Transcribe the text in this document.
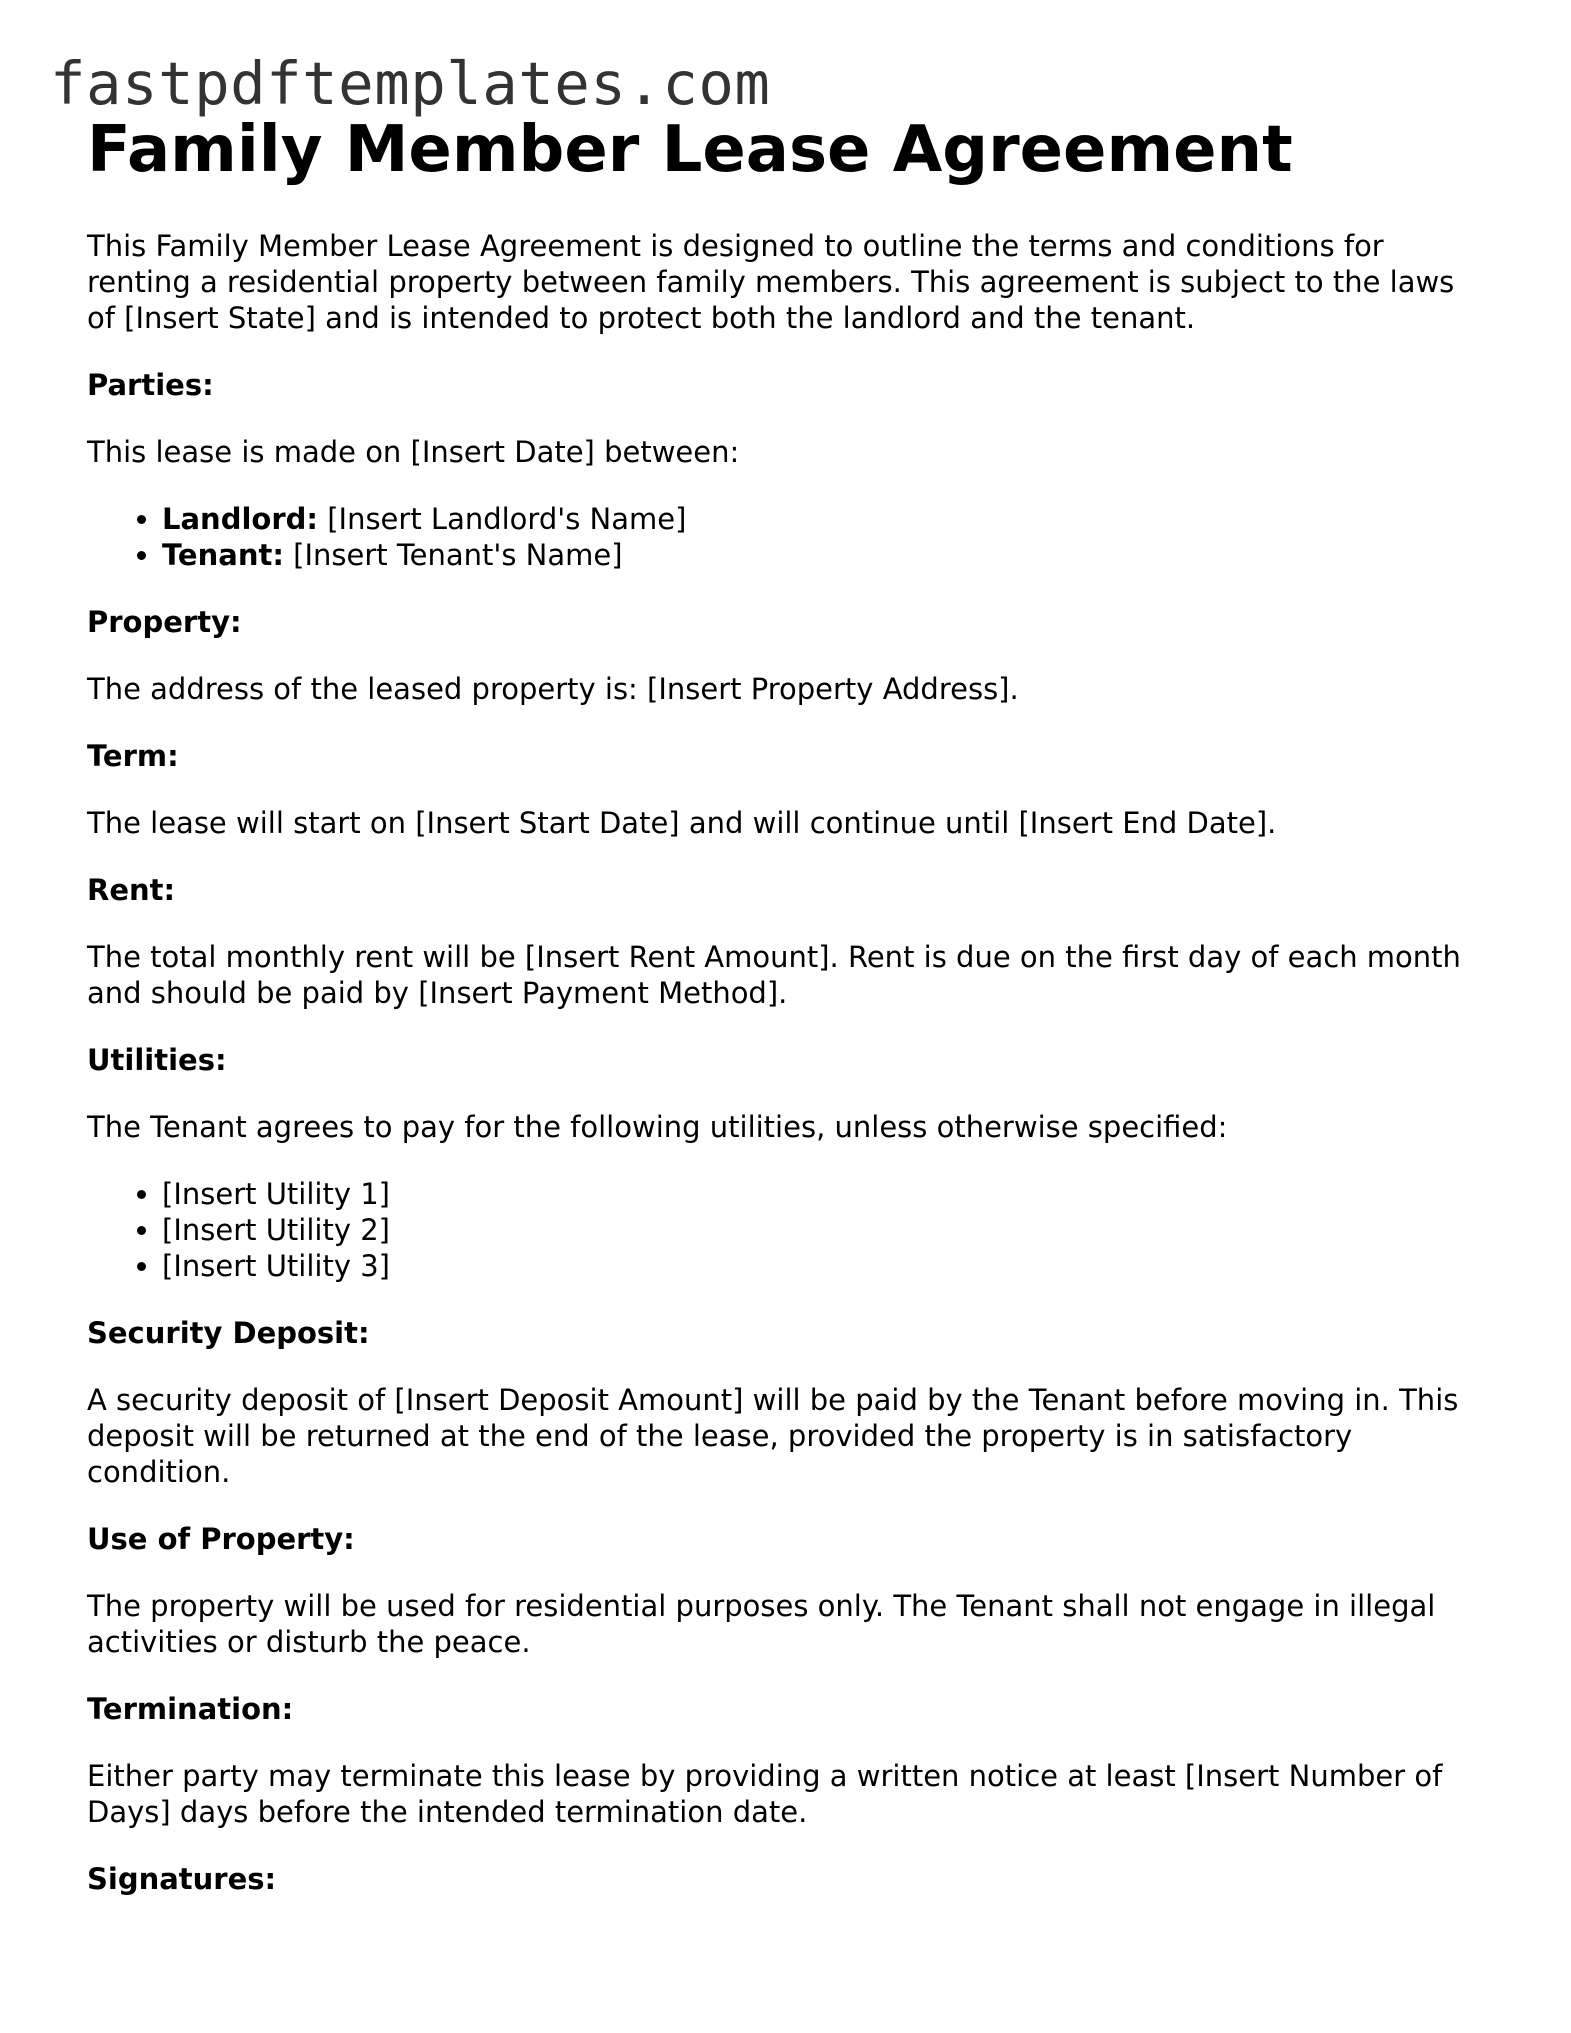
fastpdftemplates.com
Family Member Lease Agreement

This Family Member Lease Agreement is designed to outline the terms and conditions for renting a residential property between family members. This agreement is subject to the laws of [Insert State] and is intended to protect both the landlord and the tenant.

Parties:

This lease is made on [Insert Date] between:

• Landlord: [Insert Landlord's Name]
• Tenant: [Insert Tenant's Name]

Property:

The address of the leased property is: [Insert Property Address].

Term:

The lease will start on [Insert Start Date] and will continue until [Insert End Date].

Rent:

The total monthly rent will be [Insert Rent Amount]. Rent is due on the first day of each month and should be paid by [Insert Payment Method].

Utilities:

The Tenant agrees to pay for the following utilities, unless otherwise specified:

• [Insert Utility 1]
• [Insert Utility 2]
• [Insert Utility 3]

Security Deposit:

A security deposit of [Insert Deposit Amount] will be paid by the Tenant before moving in. This deposit will be returned at the end of the lease, provided the property is in satisfactory condition.

Use of Property:

The property will be used for residential purposes only. The Tenant shall not engage in illegal activities or disturb the peace.

Termination:

Either party may terminate this lease by providing a written notice at least [Insert Number of Days] days before the intended termination date.

Signatures:
